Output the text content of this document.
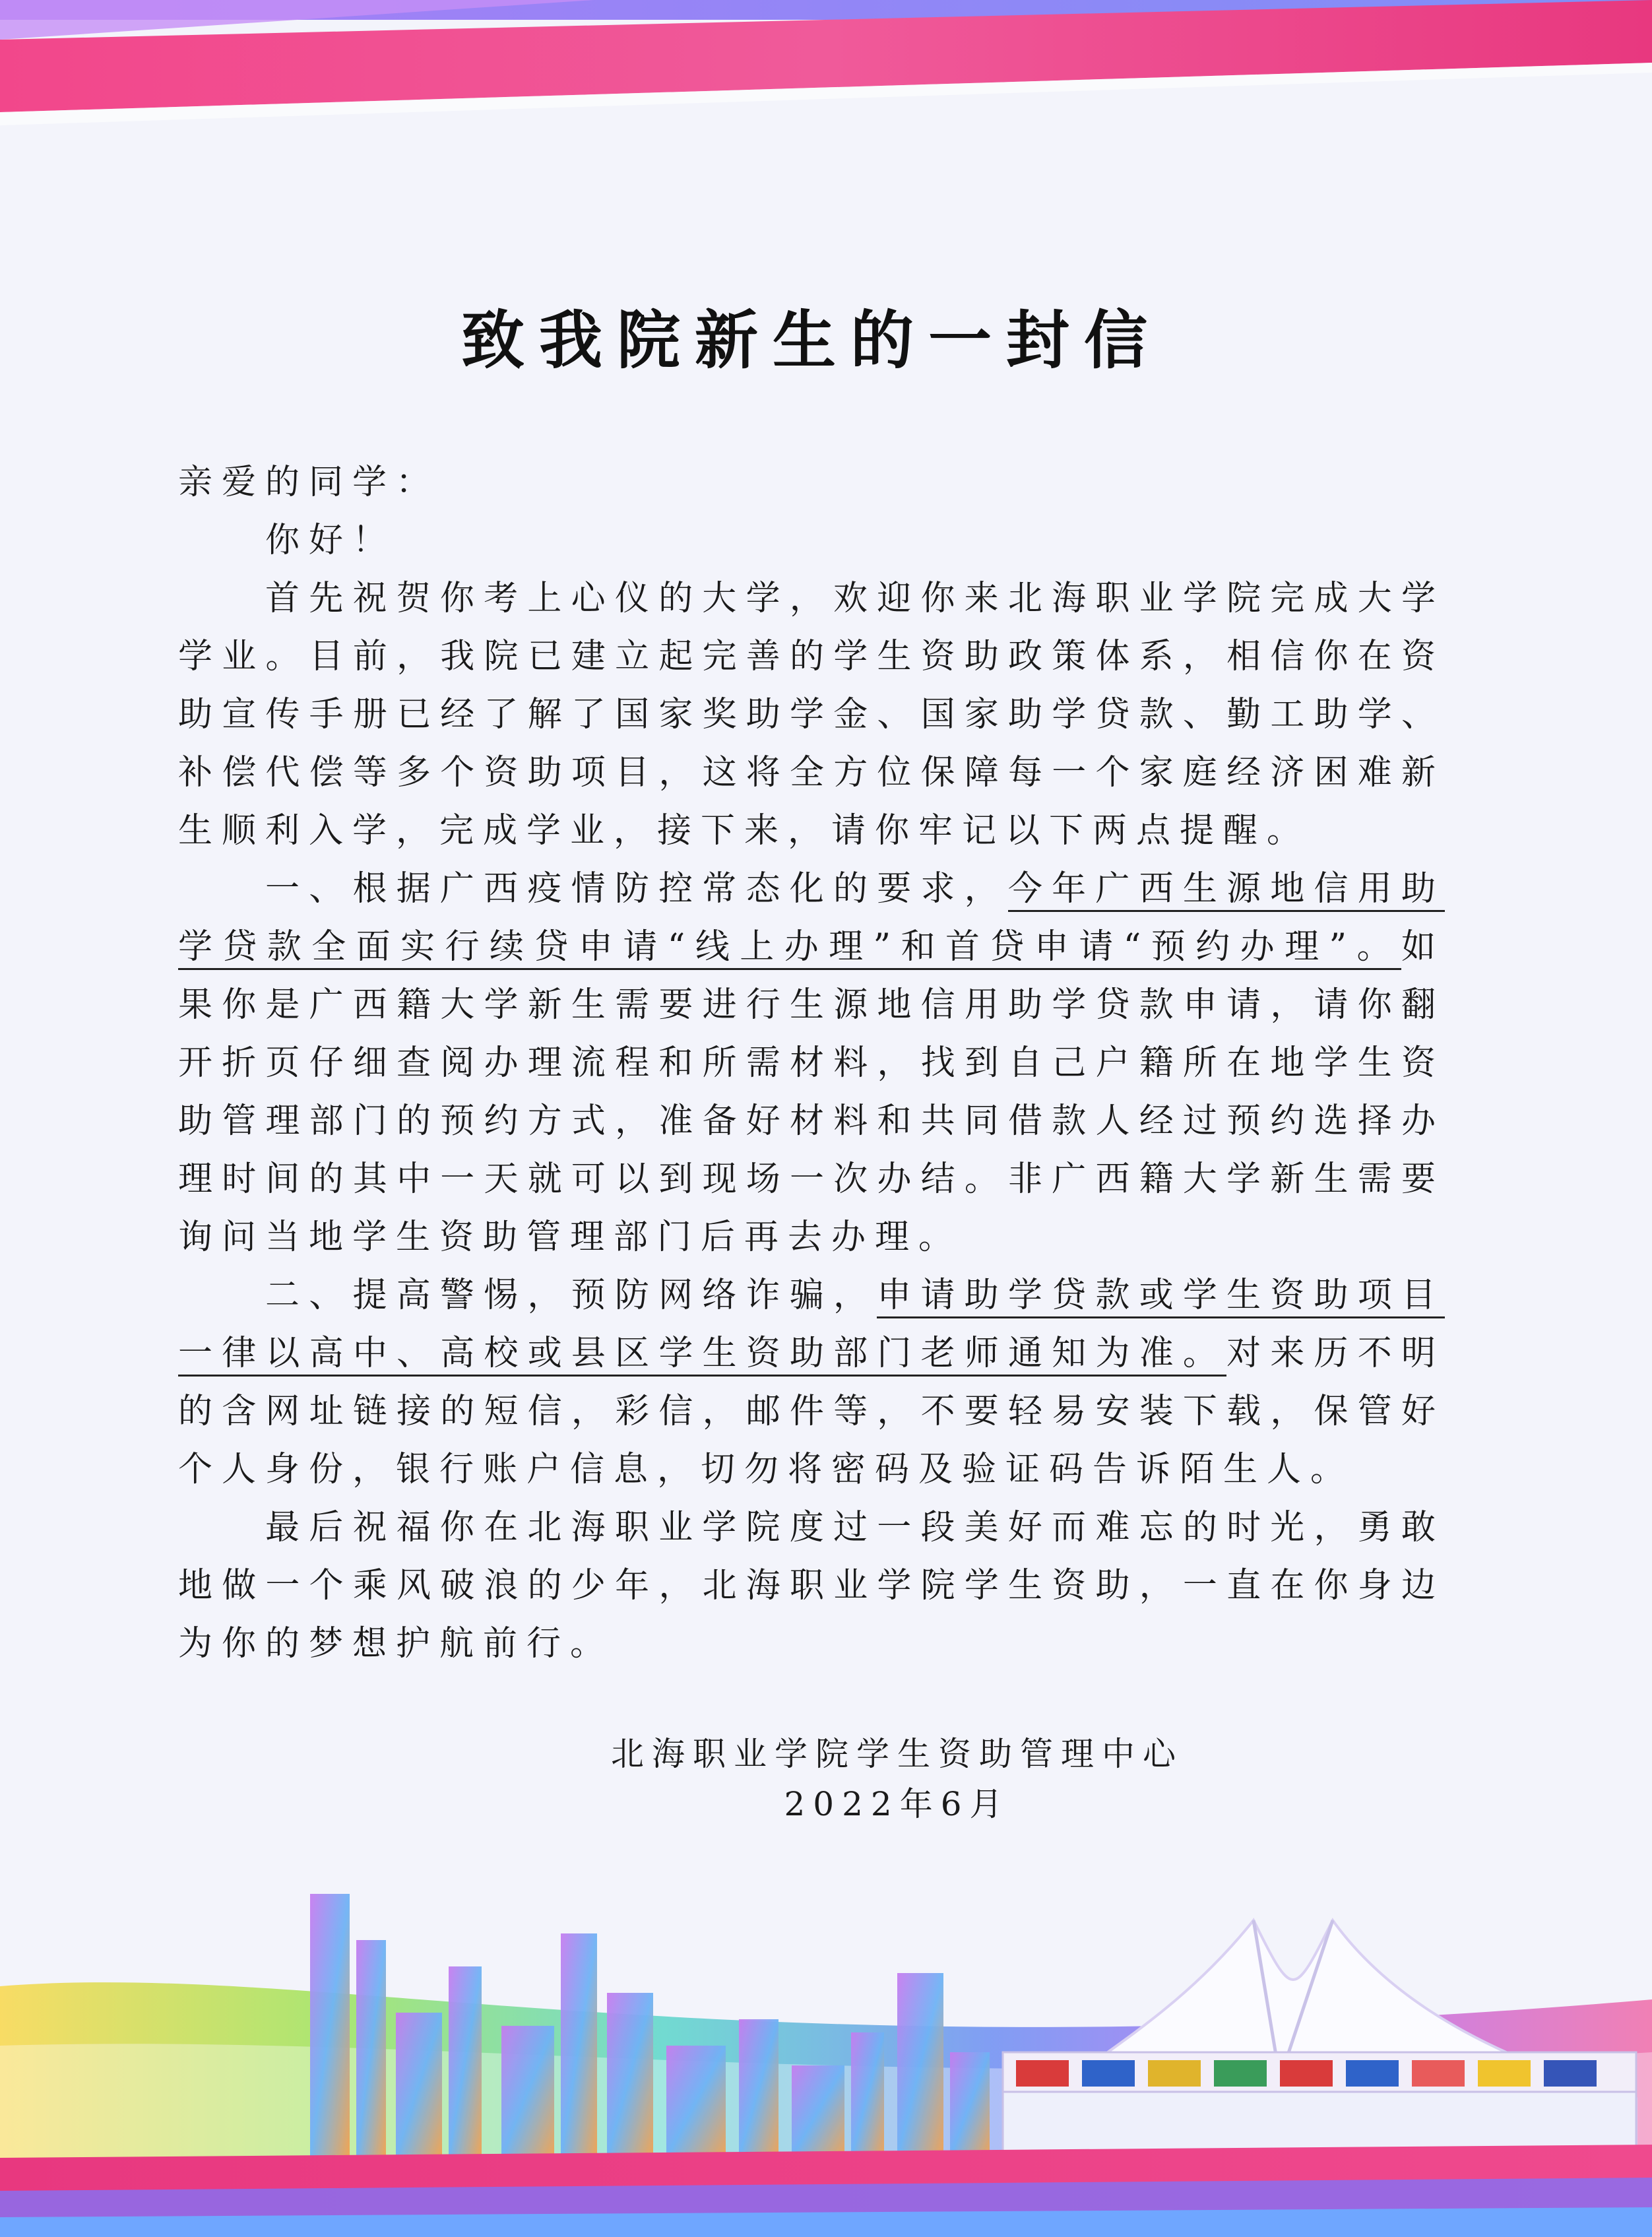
致我院新生的一封信

亲爱的同学：

你好！

首先祝贺你考上心仪的大学，欢迎你来北海职业学院完成大学学业。目前，我院已建立起完善的学生资助政策体系，相信你在资助宣传手册已经了解了国家奖助学金、国家助学贷款、勤工助学、补偿代偿等多个资助项目，这将全方位保障每一个家庭经济困难新生顺利入学，完成学业，接下来，请你牢记以下两点提醒。

一、根据广西疫情防控常态化的要求，今年广西生源地信用助学贷款全面实行续贷申请“线上办理”和首贷申请“预约办理”。如果你是广西籍大学新生需要进行生源地信用助学贷款申请，请你翻开折页仔细查阅办理流程和所需材料，找到自己户籍所在地学生资助管理部门的预约方式，准备好材料和共同借款人经过预约选择办理时间的其中一天就可以到现场一次办结。非广西籍大学新生需要询问当地学生资助管理部门后再去办理。

二、提高警惕，预防网络诈骗，申请助学贷款或学生资助项目一律以高中、高校或县区学生资助部门老师通知为准。对来历不明的含网址链接的短信，彩信，邮件等，不要轻易安装下载，保管好个人身份，银行账户信息，切勿将密码及验证码告诉陌生人。

最后祝福你在北海职业学院度过一段美好而难忘的时光，勇敢地做一个乘风破浪的少年，北海职业学院学生资助，一直在你身边为你的梦想护航前行。

北海职业学院学生资助管理中心
2022年6月
